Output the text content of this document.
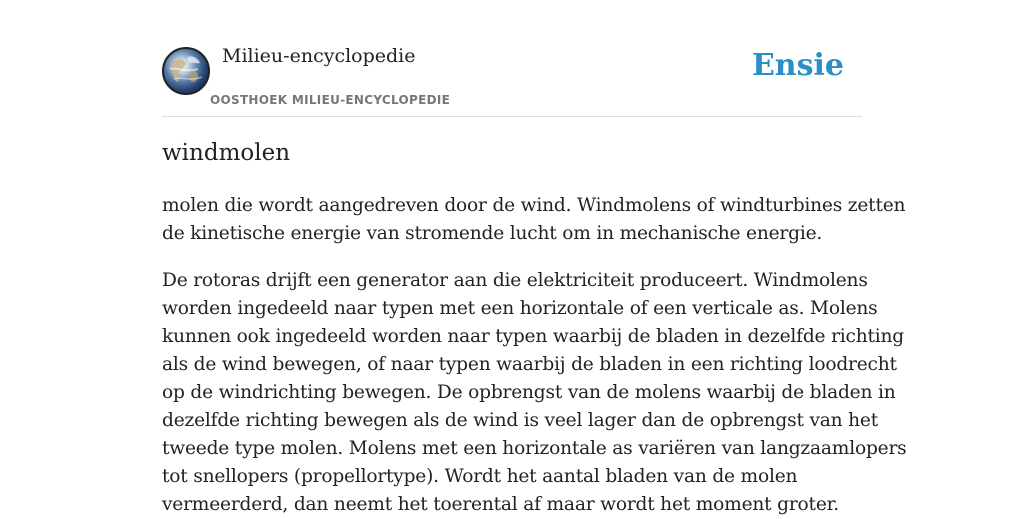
Milieu-encyclopedie
OOSTHOEK MILIEU-ENCYCLOPEDIE
Ensie
windmolen

molen die wordt aangedreven door de wind. Windmolens of windturbines zetten
de kinetische energie van stromende lucht om in mechanische energie.

De rotoras drijft een generator aan die elektriciteit produceert. Windmolens
worden ingedeeld naar typen met een horizontale of een verticale as. Molens
kunnen ook ingedeeld worden naar typen waarbij de bladen in dezelfde richting
als de wind bewegen, of naar typen waarbij de bladen in een richting loodrecht
op de windrichting bewegen. De opbrengst van de molens waarbij de bladen in
dezelfde richting bewegen als de wind is veel lager dan de opbrengst van het
tweede type molen. Molens met een horizontale as variëren van langzaamlopers
tot snellopers (propellortype). Wordt het aantal bladen van de molen
vermeerderd, dan neemt het toerental af maar wordt het moment groter.
